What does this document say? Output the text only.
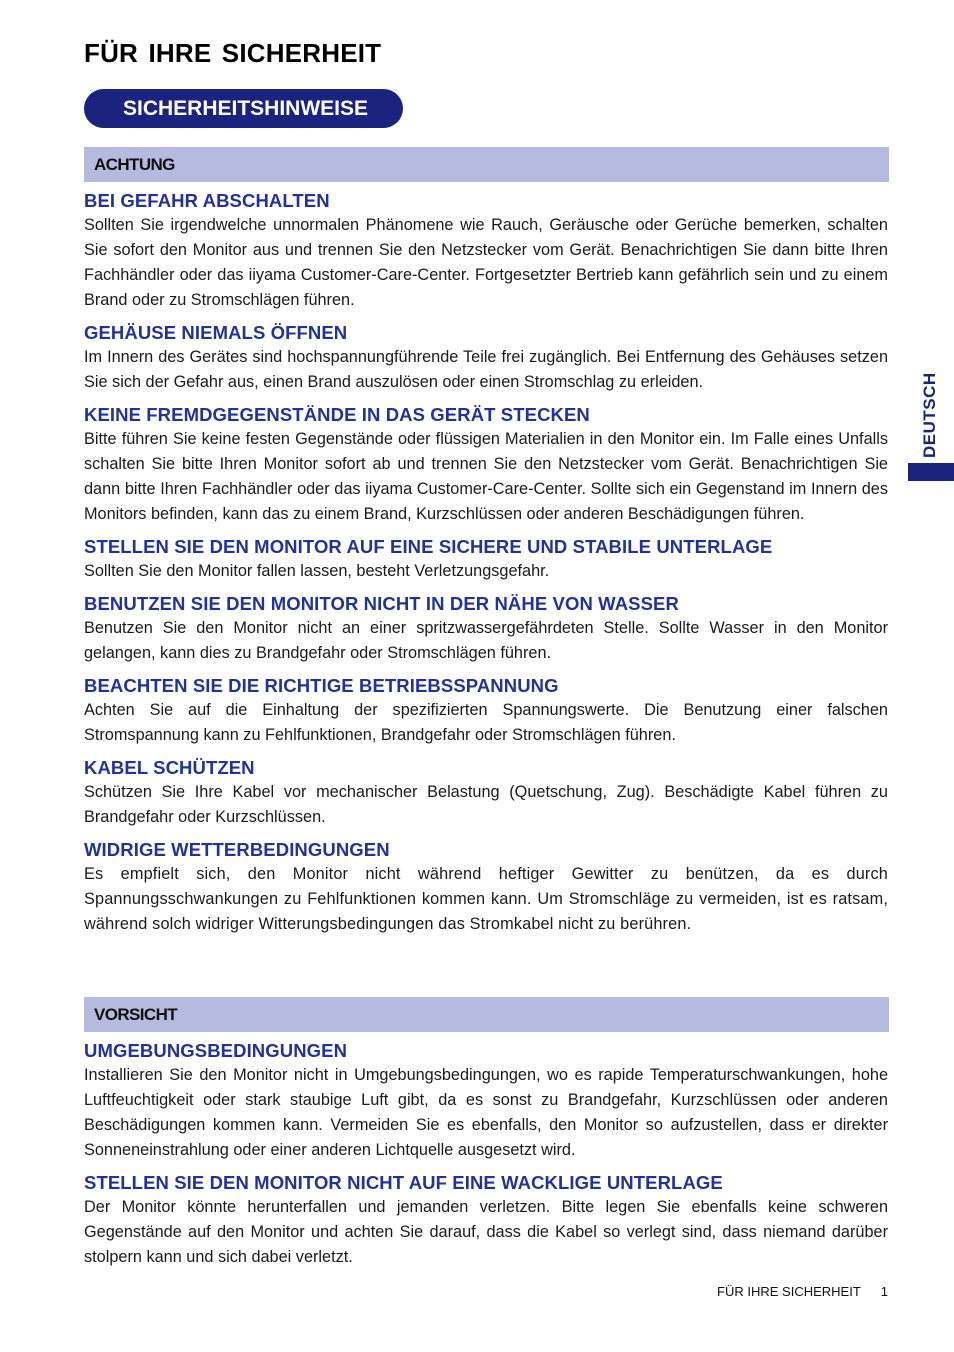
FÜR IHRE SICHERHEIT
SICHERHEITSHINWEISE
ACHTUNG

BEI GEFAHR ABSCHALTEN

Sollten Sie irgendwelche unnormalen Phänomene wie Rauch, Geräusche oder Gerüche bemerken, schalten Sie sofort den Monitor aus und trennen Sie den Netzstecker vom Gerät. Benachrichtigen Sie dann bitte Ihren Fachhändler oder das iiyama Customer-Care-Center. Fortgesetzter Bertrieb kann gefährlich sein und zu einem Brand oder zu Stromschlägen führen.

GEHÄUSE NIEMALS ÖFFNEN

Im Innern des Gerätes sind hochspannungführende Teile frei zugänglich. Bei Entfernung des Gehäuses setzen Sie sich der Gefahr aus, einen Brand auszulösen oder einen Stromschlag zu erleiden.

KEINE FREMDGEGENSTÄNDE IN DAS GERÄT STECKEN

Bitte führen Sie keine festen Gegenstände oder flüssigen Materialien in den Monitor ein. Im Falle eines Unfalls schalten Sie bitte Ihren Monitor sofort ab und trennen Sie den Netzstecker vom Gerät. Benachrichtigen Sie dann bitte Ihren Fachhändler oder das iiyama Customer-Care-Center. Sollte sich ein Gegenstand im Innern des Monitors befinden, kann das zu einem Brand, Kurzschlüssen oder anderen Beschädigungen führen.

STELLEN SIE DEN MONITOR AUF EINE SICHERE UND STABILE UNTERLAGE

Sollten Sie den Monitor fallen lassen, besteht Verletzungsgefahr.

BENUTZEN SIE DEN MONITOR NICHT IN DER NÄHE VON WASSER

Benutzen Sie den Monitor nicht an einer spritzwassergefährdeten Stelle. Sollte Wasser in den Monitor gelangen, kann dies zu Brandgefahr oder Stromschlägen führen.

BEACHTEN SIE DIE RICHTIGE BETRIEBSSPANNUNG

Achten Sie auf die Einhaltung der spezifizierten Spannungswerte. Die Benutzung einer falschen Stromspannung kann zu Fehlfunktionen, Brandgefahr oder Stromschlägen führen.

KABEL SCHÜTZEN

Schützen Sie Ihre Kabel vor mechanischer Belastung (Quetschung, Zug). Beschädigte Kabel führen zu Brandgefahr oder Kurzschlüssen.

WIDRIGE WETTERBEDINGUNGEN

Es empfielt sich, den Monitor nicht während heftiger Gewitter zu benützen, da es durch Spannungsschwankungen zu Fehlfunktionen kommen kann. Um Stromschläge zu vermeiden, ist es ratsam, während solch widriger Witterungsbedingungen das Stromkabel nicht zu berühren.

VORSICHT

UMGEBUNGSBEDINGUNGEN

Installieren Sie den Monitor nicht in Umgebungsbedingungen, wo es rapide Temperaturschwankungen, hohe Luftfeuchtigkeit oder stark staubige Luft gibt, da es sonst zu Brandgefahr, Kurzschlüssen oder anderen Beschädigungen kommen kann. Vermeiden Sie es ebenfalls, den Monitor so aufzustellen, dass er direkter Sonneneinstrahlung oder einer anderen Lichtquelle ausgesetzt wird.

STELLEN SIE DEN MONITOR NICHT AUF EINE WACKLIGE UNTERLAGE

Der Monitor könnte herunterfallen und jemanden verletzen. Bitte legen Sie ebenfalls keine schweren Gegenstände auf den Monitor und achten Sie darauf, dass die Kabel so verlegt sind, dass niemand darüber stolpern kann und sich dabei verletzt.

DEUTSCH
FÜR IHRE SICHERHEIT 1
